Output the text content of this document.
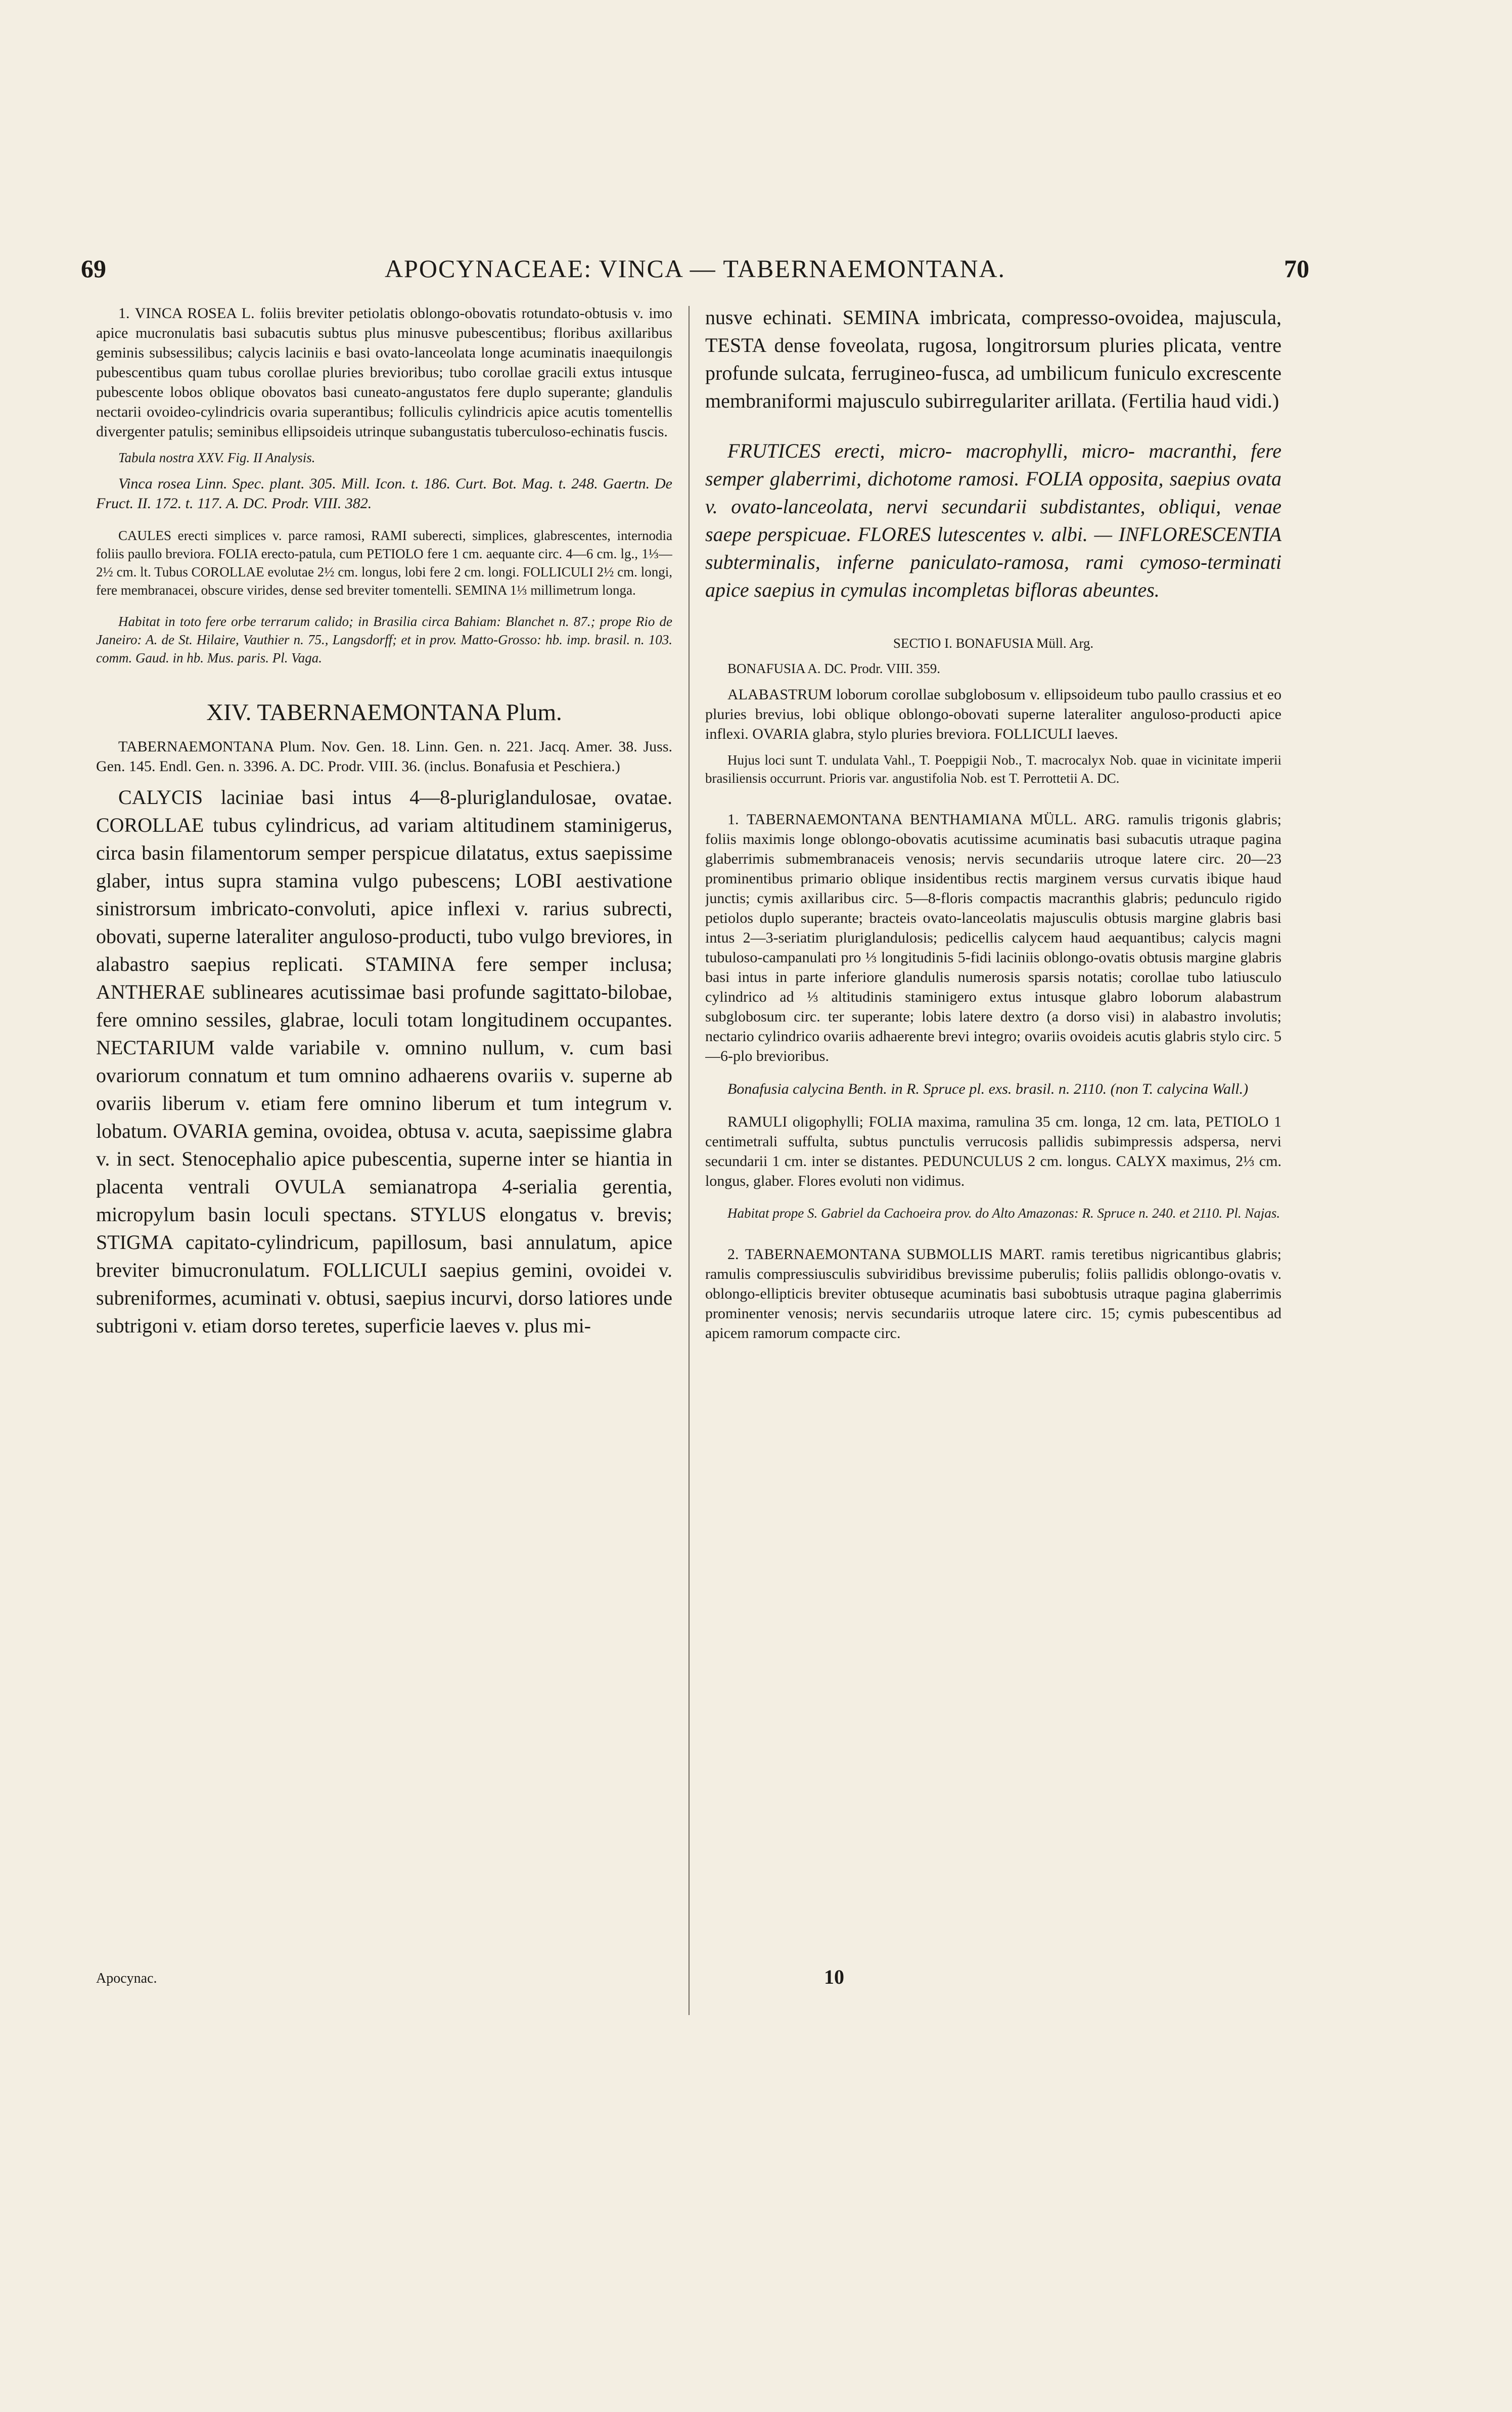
69	APOCYNACEAE: VINCA — TABERNAEMONTANA.	70

1. VINCA ROSEA L. foliis breviter petiolatis oblongo-obovatis rotundato-obtusis v. imo apice mucronulatis basi subacutis subtus plus minusve pubescentibus; floribus axillaribus geminis subsessilibus; calycis laciniis e basi ovato-lanceolata longe acuminatis inaequilongis pubescentibus quam tubus corollae pluries brevioribus; tubo corollae gracili extus intusque pubescente lobos oblique obovatos basi cuneato-angustatos fere duplo superante; glandulis nectarii ovoideo-cylindricis ovaria superantibus; folliculis cylindricis apice acutis tomentellis divergenter patulis; seminibus ellipsoideis utrinque subangustatis tuberculoso-echinatis fuscis.

Tabula nostra XXV. Fig. II Analysis.

Vinca rosea Linn. Spec. plant. 305. Mill. Icon. t. 186. Curt. Bot. Mag. t. 248. Gaertn. De Fruct. II. 172. t. 117. A. DC. Prodr. VIII. 382.

CAULES erecti simplices v. parce ramosi, RAMI suberecti, simplices, glabrescentes, internodia foliis paullo breviora. FOLIA erecto-patula, cum PETIOLO fere 1 cm. aequante circ. 4—6 cm. lg., 1⅓—2½ cm. lt. Tubus COROLLAE evolutae 2½ cm. longus, lobi fere 2 cm. longi. FOLLICULI 2½ cm. longi, fere membranacei, obscure virides, dense sed breviter tomentelli. SEMINA 1⅓ millimetrum longa.

Habitat in toto fere orbe terrarum calido; in Brasilia circa Bahiam: Blanchet n. 87.; prope Rio de Janeiro: A. de St. Hilaire, Vauthier n. 75., Langsdorff; et in prov. Matto-Grosso: hb. imp. brasil. n. 103. comm. Gaud. in hb. Mus. paris. Pl. Vaga.

XIV. TABERNAEMONTANA Plum.

TABERNAEMONTANA Plum. Nov. Gen. 18. Linn. Gen. n. 221. Jacq. Amer. 38. Juss. Gen. 145. Endl. Gen. n. 3396. A. DC. Prodr. VIII. 36. (inclus. Bonafusia et Peschiera.)

CALYCIS laciniae basi intus 4—8-pluriglandulosae, ovatae. COROLLAE tubus cylindricus, ad variam altitudinem staminigerus, circa basin filamentorum semper perspicue dilatatus, extus saepissime glaber, intus supra stamina vulgo pubescens; LOBI aestivatione sinistrorsum imbricato-convoluti, apice inflexi v. rarius subrecti, obovati, superne lateraliter anguloso-producti, tubo vulgo breviores, in alabastro saepius replicati. STAMINA fere semper inclusa; ANTHERAE sublineares acutissimae basi profunde sagittato-bilobae, fere omnino sessiles, glabrae, loculi totam longitudinem occupantes. NECTARIUM valde variabile v. omnino nullum, v. cum basi ovariorum connatum et tum omnino adhaerens ovariis v. superne ab ovariis liberum v. etiam fere omnino liberum et tum integrum v. lobatum. OVARIA gemina, ovoidea, obtusa v. acuta, saepissime glabra v. in sect. Stenocephalio apice pubescentia, superne inter se hiantia in placenta ventrali OVULA semianatropa 4-serialia gerentia, micropylum basin loculi spectans. STYLUS elongatus v. brevis; STIGMA capitato-cylindricum, papillosum, basi annulatum, apice breviter bimucronulatum. FOLLICULI saepius gemini, ovoidei v. subreniformes, acuminati v. obtusi, saepius incurvi, dorso latiores unde subtrigoni v. etiam dorso teretes, superficie laeves v. plus mi-

nusve echinati. SEMINA imbricata, compresso-ovoidea, majuscula, TESTA dense foveolata, rugosa, longitrorsum pluries plicata, ventre profunde sulcata, ferrugineo-fusca, ad umbilicum funiculo excrescente membraniformi majusculo subirregulariter arillata. (Fertilia haud vidi.)

FRUTICES erecti, micro- macrophylli, micro- macranthi, fere semper glaberrimi, dichotome ramosi. FOLIA opposita, saepius ovata v. ovato-lanceolata, nervi secundarii subdistantes, obliqui, venae saepe perspicuae. FLORES lutescentes v. albi. — INFLORESCENTIA subterminalis, inferne paniculato-ramosa, rami cymoso-terminati apice saepius in cymulas incompletas bifloras abeuntes.

SECTIO I. BONAFUSIA Müll. Arg.

BONAFUSIA A. DC. Prodr. VIII. 359.

ALABASTRUM loborum corollae subglobosum v. ellipsoideum tubo paullo crassius et eo pluries brevius, lobi oblique oblongo-obovati superne lateraliter anguloso-producti apice inflexi. OVARIA glabra, stylo pluries breviora. FOLLICULI laeves.

Hujus loci sunt T. undulata Vahl., T. Poeppigii Nob., T. macrocalyx Nob. quae in vicinitate imperii brasiliensis occurrunt. Prioris var. angustifolia Nob. est T. Perrottetii A. DC.

1. TABERNAEMONTANA BENTHAMIANA MÜLL. ARG. ramulis trigonis glabris; foliis maximis longe oblongo-obovatis acutissime acuminatis basi subacutis utraque pagina glaberrimis submembranaceis venosis; nervis secundariis utroque latere circ. 20—23 prominentibus primario oblique insidentibus rectis marginem versus curvatis ibique haud junctis; cymis axillaribus circ. 5—8-floris compactis macranthis glabris; pedunculo rigido petiolos duplo superante; bracteis ovato-lanceolatis majusculis obtusis margine glabris basi intus 2—3-seriatim pluriglandulosis; pedicellis calycem haud aequantibus; calycis magni tubuloso-campanulati pro ⅓ longitudinis 5-fidi laciniis oblongo-ovatis obtusis margine glabris basi intus in parte inferiore glandulis numerosis sparsis notatis; corollae tubo latiusculo cylindrico ad ⅓ altitudinis staminigero extus intusque glabro loborum alabastrum subglobosum circ. ter superante; lobis latere dextro (a dorso visi) in alabastro involutis; nectario cylindrico ovariis adhaerente brevi integro; ovariis ovoideis acutis glabris stylo circ. 5—6-plo brevioribus.

Bonafusia calycina Benth. in R. Spruce pl. exs. brasil. n. 2110. (non T. calycina Wall.)

RAMULI oligophylli; FOLIA maxima, ramulina 35 cm. longa, 12 cm. lata, PETIOLO 1 centimetrali suffulta, subtus punctulis verrucosis pallidis subimpressis adspersa, nervi secundarii 1 cm. inter se distantes. PEDUNCULUS 2 cm. longus. CALYX maximus, 2⅓ cm. longus, glaber. Flores evoluti non vidimus.

Habitat prope S. Gabriel da Cachoeira prov. do Alto Amazonas: R. Spruce n. 240. et 2110. Pl. Najas.

2. TABERNAEMONTANA SUBMOLLIS MART. ramis teretibus nigricantibus glabris; ramulis compressiusculis subviridibus brevissime puberulis; foliis pallidis oblongo-ovatis v. oblongo-ellipticis breviter obtuseque acuminatis basi subobtusis utraque pagina glaberrimis prominenter venosis; nervis secundariis utroque latere circ. 15; cymis pubescentibus ad apicem ramorum compacte circ.

Apocynac.	10
